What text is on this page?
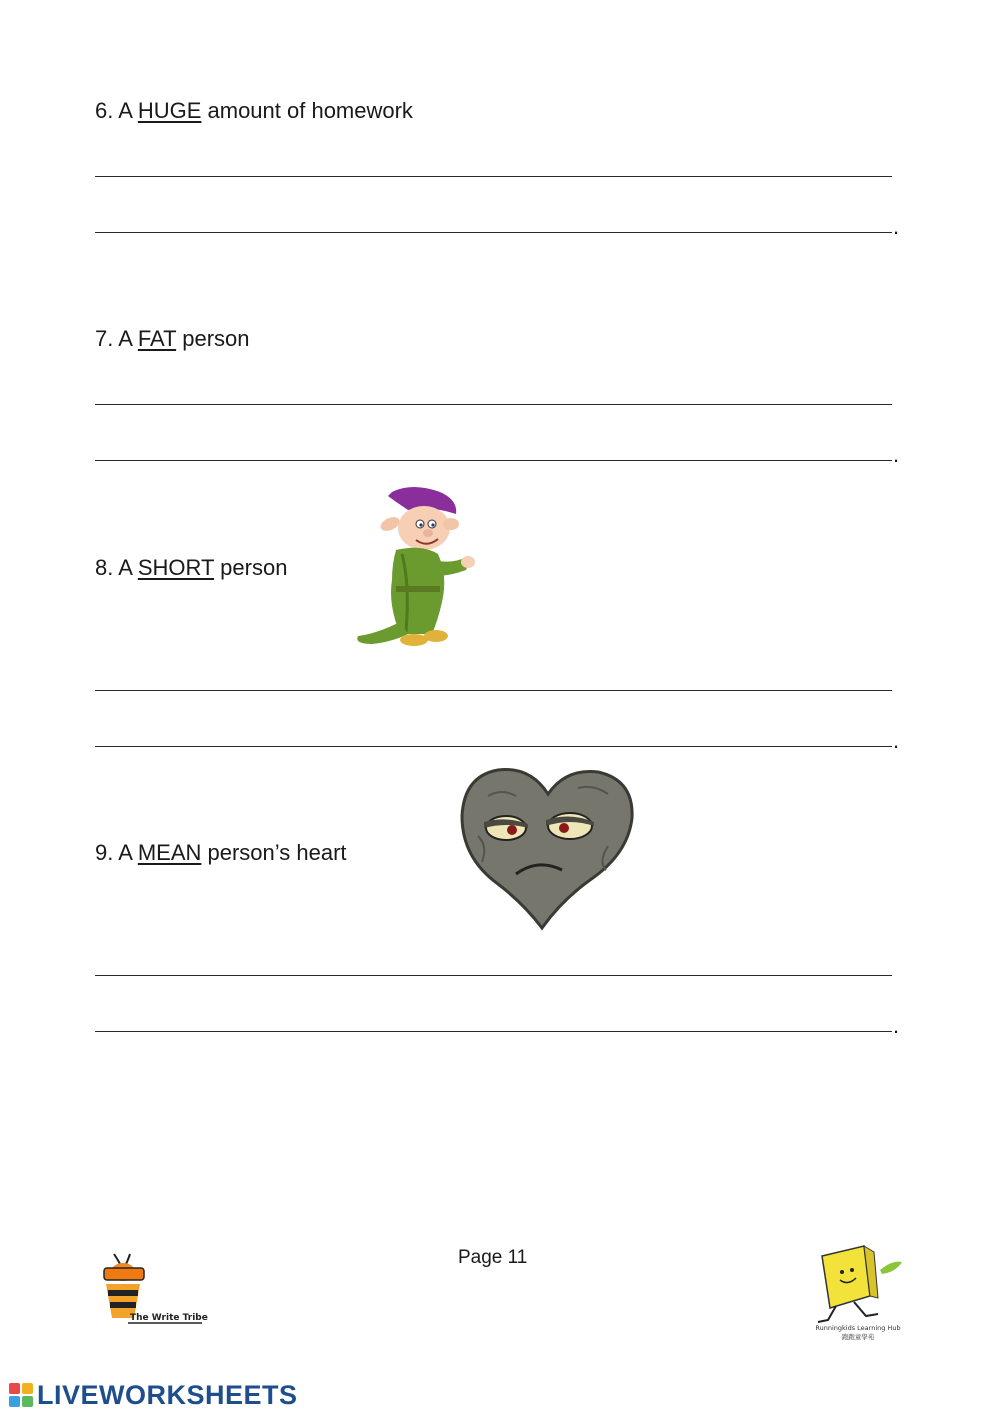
6. A HUGE amount of homework
.
7. A FAT person
.
8. A SHORT person
.
9. A MEAN person’s heart
.
Page 11
The Write Tribe
Runningkids Learning Hub
跑跑童學苑
LIVEWORKSHEETS
